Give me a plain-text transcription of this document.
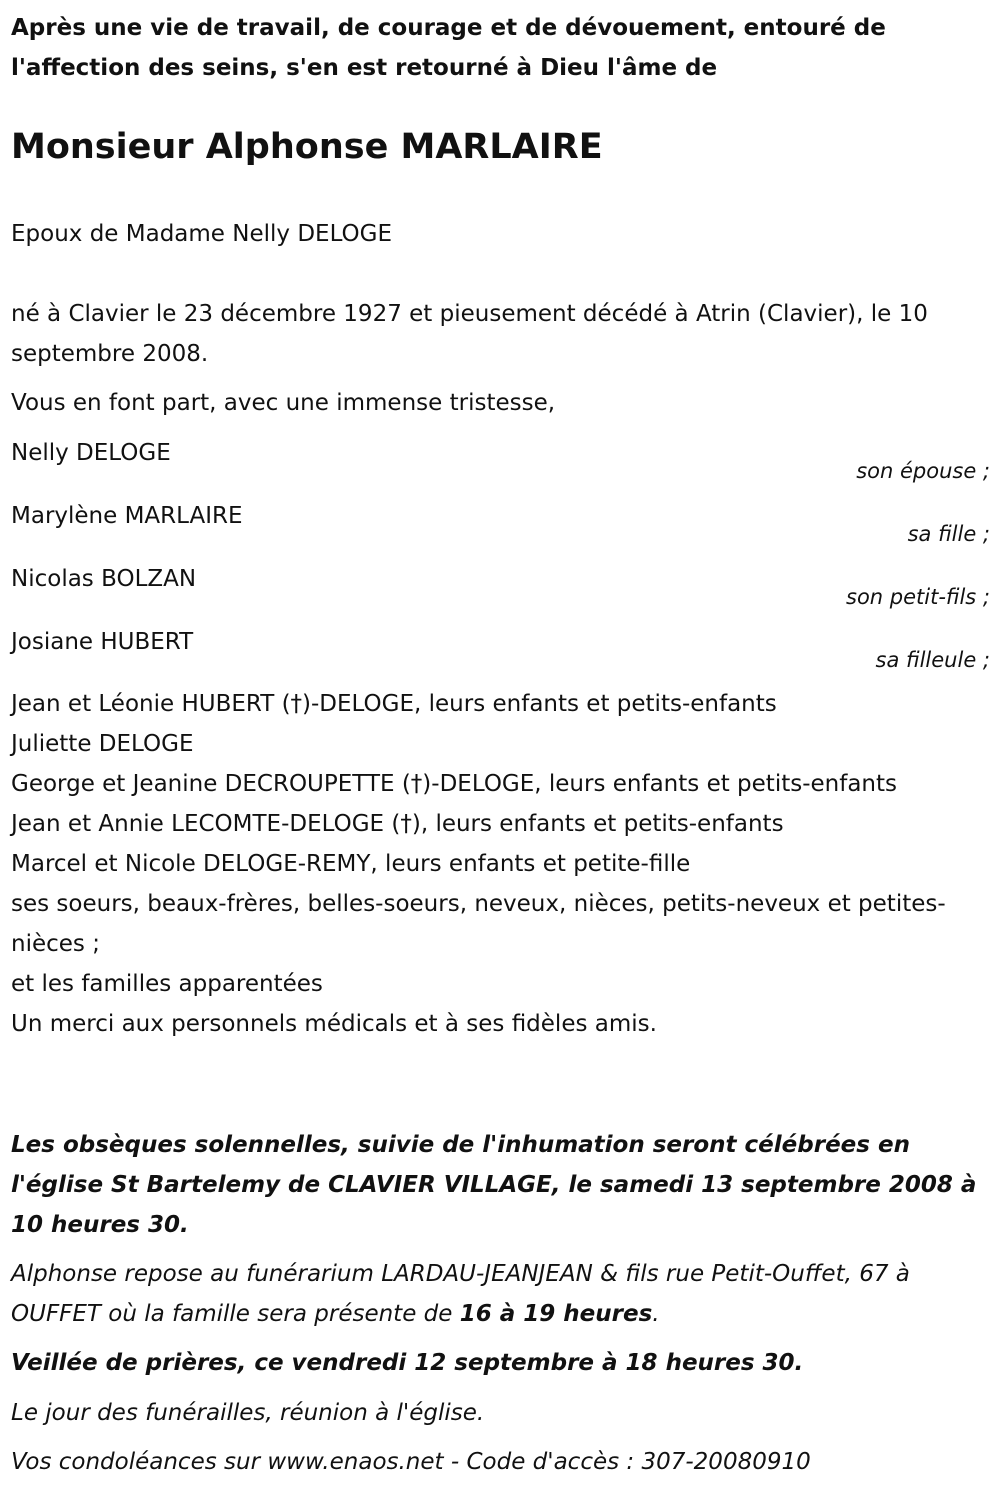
Après une vie de travail, de courage et de dévouement, entouré de l'affection des seins, s'en est retourné à Dieu l'âme de
Monsieur Alphonse MARLAIRE
Epoux de Madame Nelly DELOGE
né à Clavier le 23 décembre 1927 et pieusement décédé à Atrin (Clavier), le 10 septembre 2008.
Vous en font part, avec une immense tristesse,
Nelly DELOGE
son épouse ;
Marylène MARLAIRE
sa fille ;
Nicolas BOLZAN
son petit-fils ;
Josiane HUBERT
sa filleule ;
Jean et Léonie HUBERT (†)-DELOGE, leurs enfants et petits-enfants
Juliette DELOGE
George et Jeanine DECROUPETTE (†)-DELOGE, leurs enfants et petits-enfants
Jean et Annie LECOMTE-DELOGE (†), leurs enfants et petits-enfants
Marcel et Nicole DELOGE-REMY, leurs enfants et petite-fille
ses soeurs, beaux-frères, belles-soeurs, neveux, nièces, petits-neveux et petites-nièces ;
et les familles apparentées
Un merci aux personnels médicals et à ses fidèles amis.
Les obsèques solennelles, suivie de l'inhumation seront célébrées en l'église St Bartelemy de CLAVIER VILLAGE, le samedi 13 septembre 2008 à 10 heures 30.
Alphonse repose au funérarium LARDAU-JEANJEAN & fils rue Petit-Ouffet, 67 à OUFFET où la famille sera présente de 16 à 19 heures.
Veillée de prières, ce vendredi 12 septembre à 18 heures 30.
Le jour des funérailles, réunion à l'église.
Vos condoléances sur www.enaos.net - Code d'accès : 307-20080910
